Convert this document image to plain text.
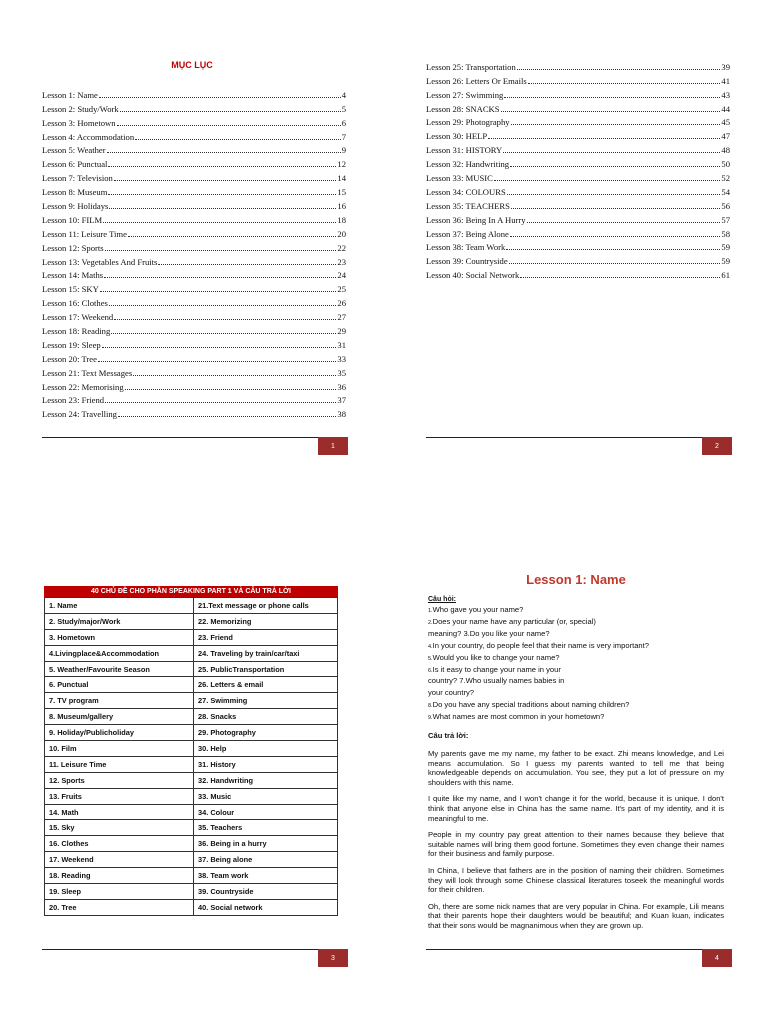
MỤC LỤC
Lesson 1: Name	4
Lesson 2: Study/Work	5
Lesson 3: Hometown	6
Lesson 4: Accommodation	7
Lesson 5: Weather	9
Lesson 6: Punctual	12
Lesson 7: Television	14
Lesson 8: Museum	15
Lesson 9: Holidays	16
Lesson 10: FILM	18
Lesson 11: Leisure Time	20
Lesson 12: Sports	22
Lesson 13: Vegetables And Fruits	23
Lesson 14: Maths	24
Lesson 15: SKY	25
Lesson 16: Clothes	26
Lesson 17: Weekend	27
Lesson 18: Reading	29
Lesson 19: Sleep	31
Lesson 20: Tree	33
Lesson 21: Text Messages	35
Lesson 22: Memorising	36
Lesson 23: Friend	37
Lesson 24: Travelling	38
1
Lesson 25: Transportation	39
Lesson 26: Letters Or Emails	41
Lesson 27: Swimming	43
Lesson 28: SNACKS	44
Lesson 29: Photography	45
Lesson 30: HELP	47
Lesson 31: HISTORY	48
Lesson 32: Handwriting	50
Lesson 33: MUSIC	52
Lesson 34: COLOURS	54
Lesson 35: TEACHERS	56
Lesson 36: Being In A Hurry	57
Lesson 37: Being Alone	58
Lesson 38: Team Work	59
Lesson 39: Countryside	59
Lesson 40: Social Network	61
2
40 CHỦ ĐỀ CHO PHẦN SPEAKING PART 1 VÀ CÂU TRẢ LỜI
1. Name	21.Text message or phone calls
2. Study/major/Work	22. Memorizing
3. Hometown	23. Friend
4.Livingplace&Accommodation	24. Traveling by train/car/taxi
5. Weather/Favourite Season	25. PublicTransportation
6. Punctual	26. Letters & email
7. TV program	27. Swimming
8. Museum/gallery	28. Snacks
9. Holiday/Publicholiday	29. Photography
10. Film	30. Help
11. Leisure Time	31. History
12. Sports	32. Handwriting
13. Fruits	33. Music
14. Math	34. Colour
15. Sky	35. Teachers
16. Clothes	36. Being in a hurry
17. Weekend	37. Being alone
18. Reading	38. Team work
19. Sleep	39. Countryside
20. Tree	40. Social network
3
Lesson 1: Name
Câu hỏi:
1.Who gave you your name?
2.Does your name have any particular (or, special)
meaning? 3.Do you like your name?
4.In your country, do people feel that their name is very important?
5.Would you like to change your name?
6.Is it easy to change your name in your
country? 7.Who usually names babies in
your country?
8.Do you have any special traditions about naming children?
9.What names are most common in your hometown?
Câu trả lời:

My parents gave me my name, my father to be exact. Zhi means knowledge, and Lei means accumulation. So I guess my parents wanted to tell me that being knowledgeable depends on accumulation. You see, they put a lot of pressure on my shoulders with this name.

I quite like my name, and I won't change it for the world, because it is unique. I don't think that anyone else in China has the same name. It's part of my identity, and it is meaningful to me.

People in my country pay great attention to their names because they believe that suitable names will bring them good fortune. Sometimes they even change their names for their business and family purpose.

In China, I believe that fathers are in the position of naming their children. Sometimes they will look through some Chinese classical literatures toseek the meaningful words for their children.

Oh, there are some nick names that are very popular in China. For example, Lili means that their parents hope their daughters would be beautiful; and Kuan kuan, indicates that their sons would be magnanimous when they are grown up.

4
